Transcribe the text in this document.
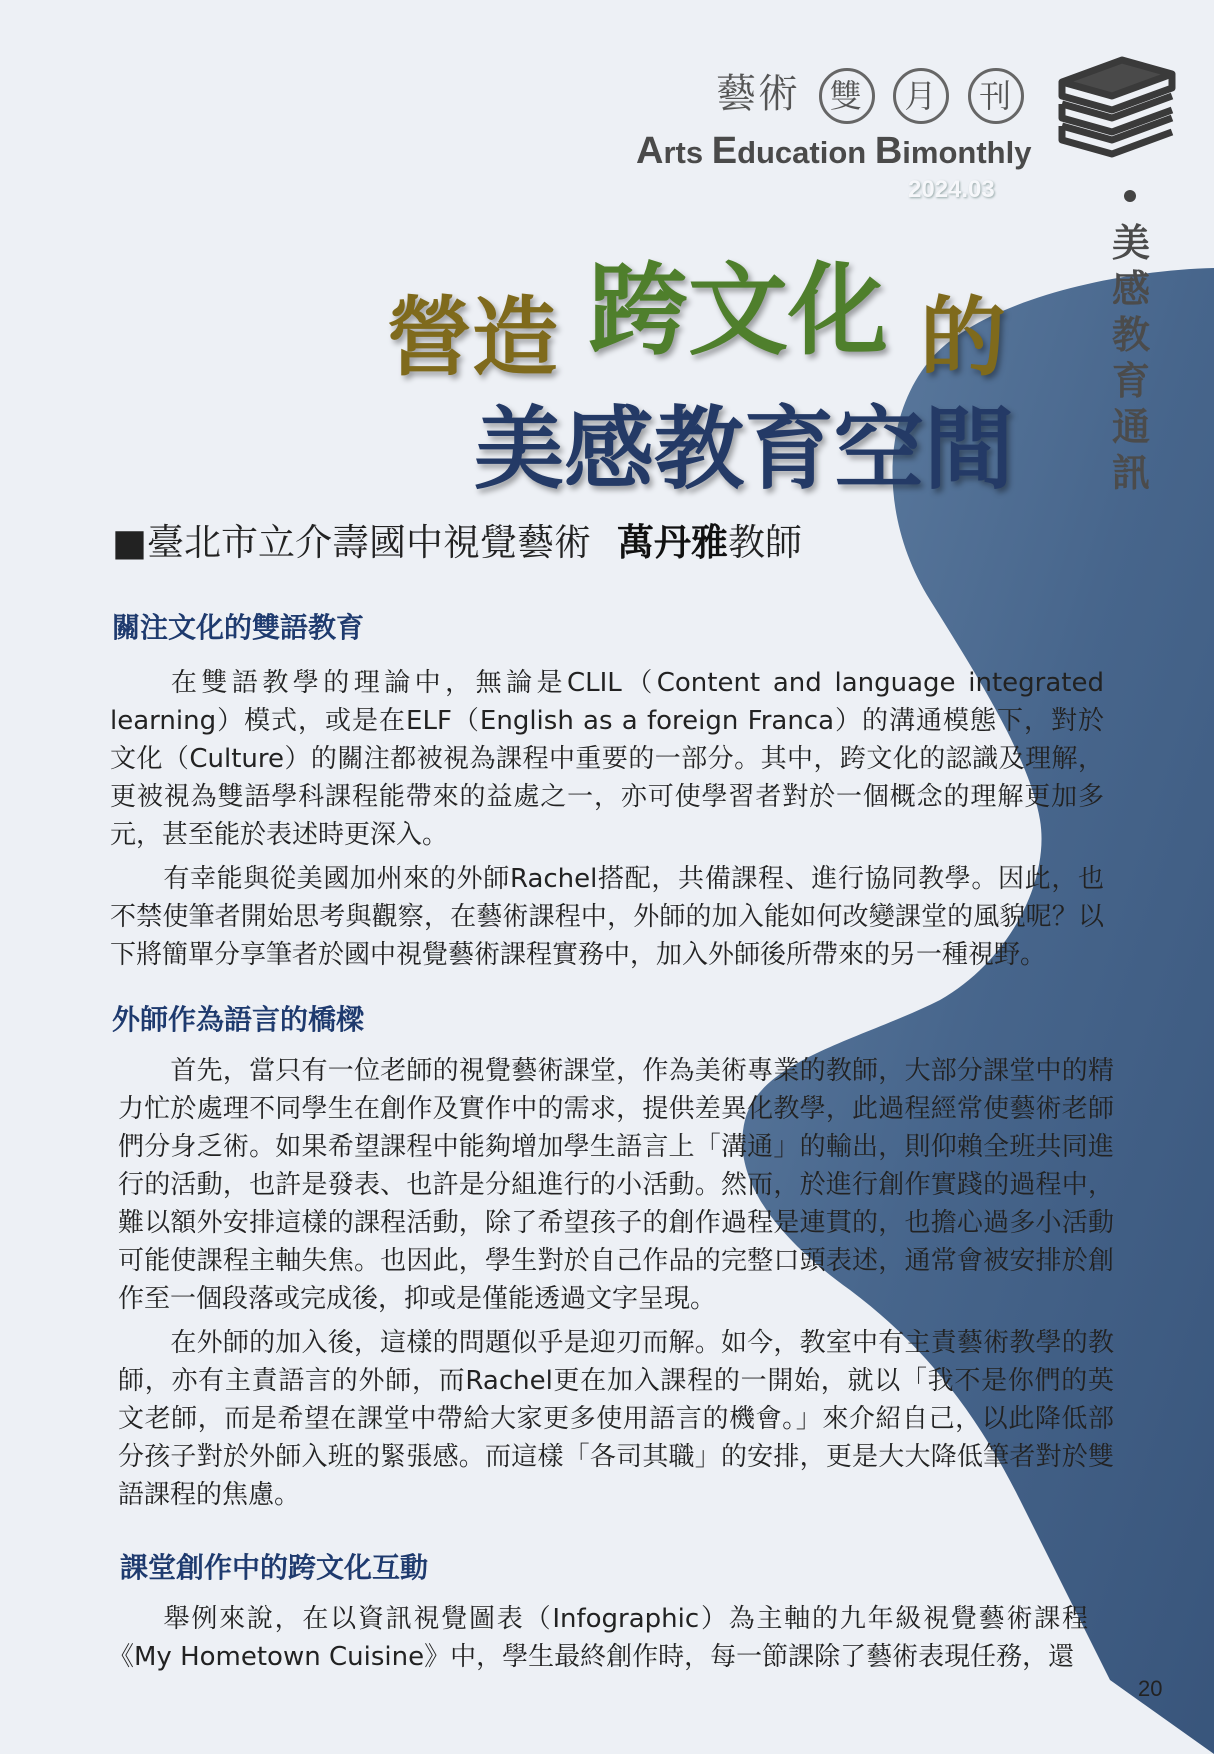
藝術 雙 月 刊
Arts Education Bimonthly
2024.03
美感教育通訊
營造 跨文化 的
美感教育空間
■臺北市立介壽國中視覺藝術 萬丹雅教師
關注文化的雙語教育
　　在雙語教學的理論中，無論是CLIL（Content and language integrated learning）模式，或是在ELF（English as a foreign Franca）的溝通模態下，對於文化（Culture）的關注都被視為課程中重要的一部分。其中，跨文化的認識及理解，更被視為雙語學科課程能帶來的益處之一，亦可使學習者對於一個概念的理解更加多元，甚至能於表述時更深入。
　　有幸能與從美國加州來的外師Rachel搭配，共備課程、進行協同教學。因此，也不禁使筆者開始思考與觀察，在藝術課程中，外師的加入能如何改變課堂的風貌呢？以下將簡單分享筆者於國中視覺藝術課程實務中，加入外師後所帶來的另一種視野。
外師作為語言的橋樑
　　首先，當只有一位老師的視覺藝術課堂，作為美術專業的教師，大部分課堂中的精力忙於處理不同學生在創作及實作中的需求，提供差異化教學，此過程經常使藝術老師們分身乏術。如果希望課程中能夠增加學生語言上「溝通」的輸出，則仰賴全班共同進行的活動，也許是發表、也許是分組進行的小活動。然而，於進行創作實踐的過程中，難以額外安排這樣的課程活動，除了希望孩子的創作過程是連貫的，也擔心過多小活動可能使課程主軸失焦。也因此，學生對於自己作品的完整口頭表述，通常會被安排於創作至一個段落或完成後，抑或是僅能透過文字呈現。
　　在外師的加入後，這樣的問題似乎是迎刃而解。如今，教室中有主責藝術教學的教師，亦有主責語言的外師，而Rachel更在加入課程的一開始，就以「我不是你們的英文老師，而是希望在課堂中帶給大家更多使用語言的機會。」來介紹自己，以此降低部分孩子對於外師入班的緊張感。而這樣「各司其職」的安排，更是大大降低筆者對於雙語課程的焦慮。
課堂創作中的跨文化互動
　　舉例來說，在以資訊視覺圖表（Infographic）為主軸的九年級視覺藝術課程《My Hometown Cuisine》中，學生最終創作時，每一節課除了藝術表現任務，還
20
